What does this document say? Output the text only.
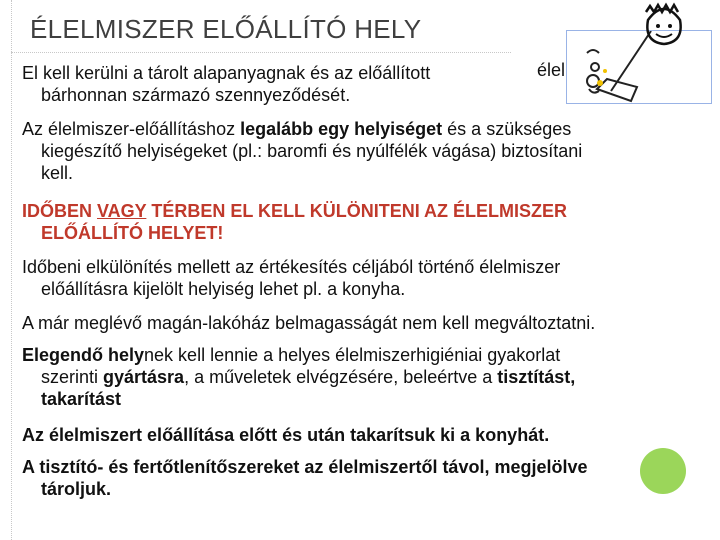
ÉLELMISZER ELŐÁLLÍTÓ HELY
El kell kerülni a tárolt alapanyagnak és az előállított
bárhonnan származó szennyeződését.
élel
Az élelmiszer-előállításhoz legalább egy helyiséget és a szükséges
kiegészítő helyiségeket (pl.: baromfi és nyúlfélék vágása) biztosítani
kell.
IDŐBEN VAGY TÉRBEN EL KELL KÜLÖNITENI AZ ÉLELMISZER
ELŐÁLLÍTÓ HELYET!
Időbeni elkülönítés mellett az értékesítés céljából történő élelmiszer
előállításra kijelölt helyiség lehet pl. a konyha.
A már meglévő magán-lakóház belmagasságát nem kell megváltoztatni.
Elegendő helynek kell lennie a helyes élelmiszerhigiéniai gyakorlat
szerinti gyártásra, a műveletek elvégzésére, beleértve a tisztítást,
takarítást
Az élelmiszert előállítása előtt és után takarítsuk ki a konyhát.
A tisztító- és fertőtlenítőszereket az élelmiszertől távol, megjelölve
tároljuk.
